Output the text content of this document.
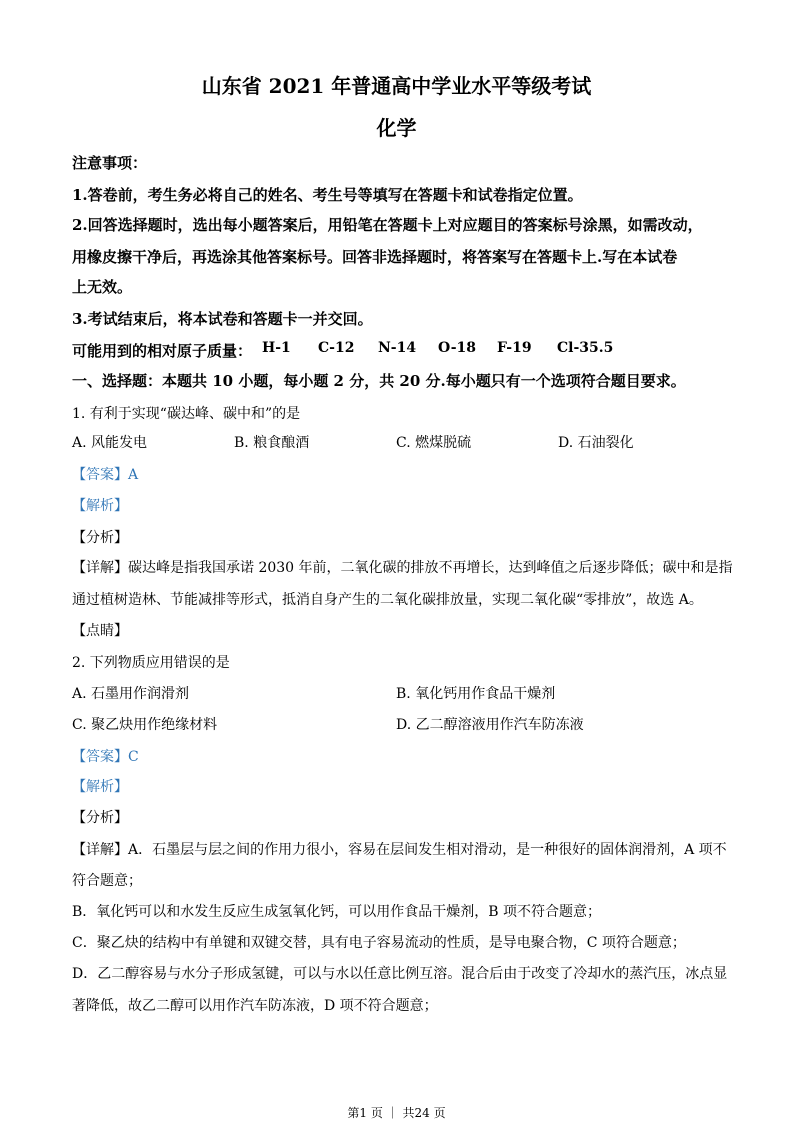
山东省 2021 年普通高中学业水平等级考试
化学
注意事项：
1.答卷前，考生务必将自己的姓名、考生号等填写在答题卡和试卷指定位置。
2.回答选择题时，选出每小题答案后，用铅笔在答题卡上对应题目的答案标号涂黑，如需改动，
用橡皮擦干净后，再选涂其他答案标号。回答非选择题时，将答案写在答题卡上.写在本试卷
上无效。
3.考试结束后，将本试卷和答题卡一并交回。
可能用到的相对原子质量： H-1 C-12 N-14 O-18 F-19 Cl-35.5
一、选择题：本题共 10 小题，每小题 2 分，共 20 分.每小题只有一个选项符合题目要求。
1. 有利于实现“碳达峰、碳中和”的是
A. 风能发电	B. 粮食酿酒	C. 燃煤脱硫	D. 石油裂化
【答案】A
【解析】
【分析】
【详解】碳达峰是指我国承诺 2030 年前，二氧化碳的排放不再增长，达到峰值之后逐步降低；碳中和是指
通过植树造林、节能减排等形式，抵消自身产生的二氧化碳排放量，实现二氧化碳“零排放”，故选 A。
【点睛】
2. 下列物质应用错误的是
A. 石墨用作润滑剂	B. 氧化钙用作食品干燥剂
C. 聚乙炔用作绝缘材料	D. 乙二醇溶液用作汽车防冻液
【答案】C
【解析】
【分析】
【详解】A．石墨层与层之间的作用力很小，容易在层间发生相对滑动，是一种很好的固体润滑剂，A 项不
符合题意；
B．氧化钙可以和水发生反应生成氢氧化钙，可以用作食品干燥剂，B 项不符合题意；
C．聚乙炔的结构中有单键和双键交替，具有电子容易流动的性质，是导电聚合物，C 项符合题意；
D．乙二醇容易与水分子形成氢键，可以与水以任意比例互溶。混合后由于改变了冷却水的蒸汽压，冰点显
著降低，故乙二醇可以用作汽车防冻液，D 项不符合题意；
第1 页 ｜ 共24 页
